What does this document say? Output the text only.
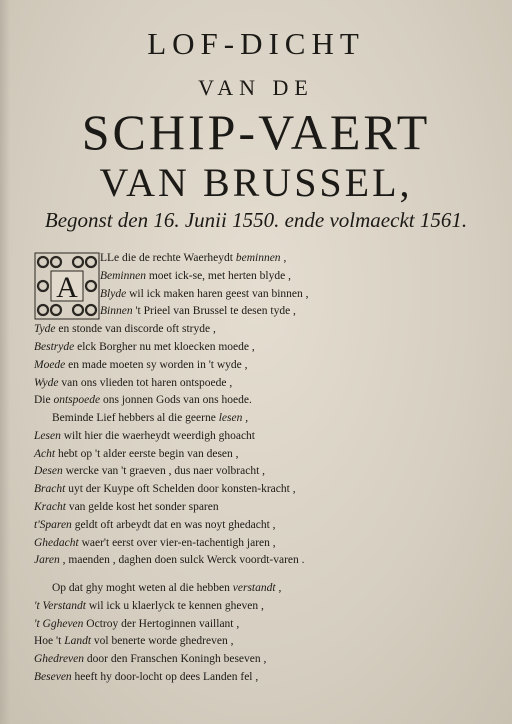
LOF-DICHT
VAN DE
SCHIP-VAERT
VAN BRUSSEL,
Begonst den 16. Junii 1550. ende volmaeckt 1561.
A
LLe die de rechte Waerheydt beminnen ,
Beminnen moet ick-se, met herten blyde ,
Blyde wil ick maken haren geest van binnen ,
Binnen 't Prieel van Brussel te desen tyde ,
Tyde en stonde van discorde oft stryde ,
Bestryde elck Borgher nu met kloecken moede ,
Moede en made moeten sy worden in 't wyde ,
Wyde van ons vlieden tot haren ontspoede ,
Die ontspoede ons jonnen Gods van ons hoede.
Beminde Lief hebbers al die geerne lesen ,
Lesen wilt hier die waerheydt weerdigh ghoacht
Acht hebt op 't alder eerste begin van desen ,
Desen wercke van 't graeven , dus naer volbracht ,
Bracht uyt der Kuype oft Schelden door konsten-kracht ,
Kracht van gelde kost het sonder sparen
t'Sparen geldt oft arbeydt dat en was noyt ghedacht ,
Ghedacht waer't eerst over vier-en-tachentigh jaren ,
Jaren , maenden , daghen doen sulck Werck voordt-varen .
Op dat ghy moght weten al die hebben verstandt ,
't Verstandt wil ick u klaerlyck te kennen gheven ,
't Ggheven Octroy der Hertoginnen vaillant ,
Hoe 't Landt vol benerte worde ghedreven ,
Ghedreven door den Franschen Koningh beseven ,
Beseven heeft hy door-locht op dees Landen fel ,
